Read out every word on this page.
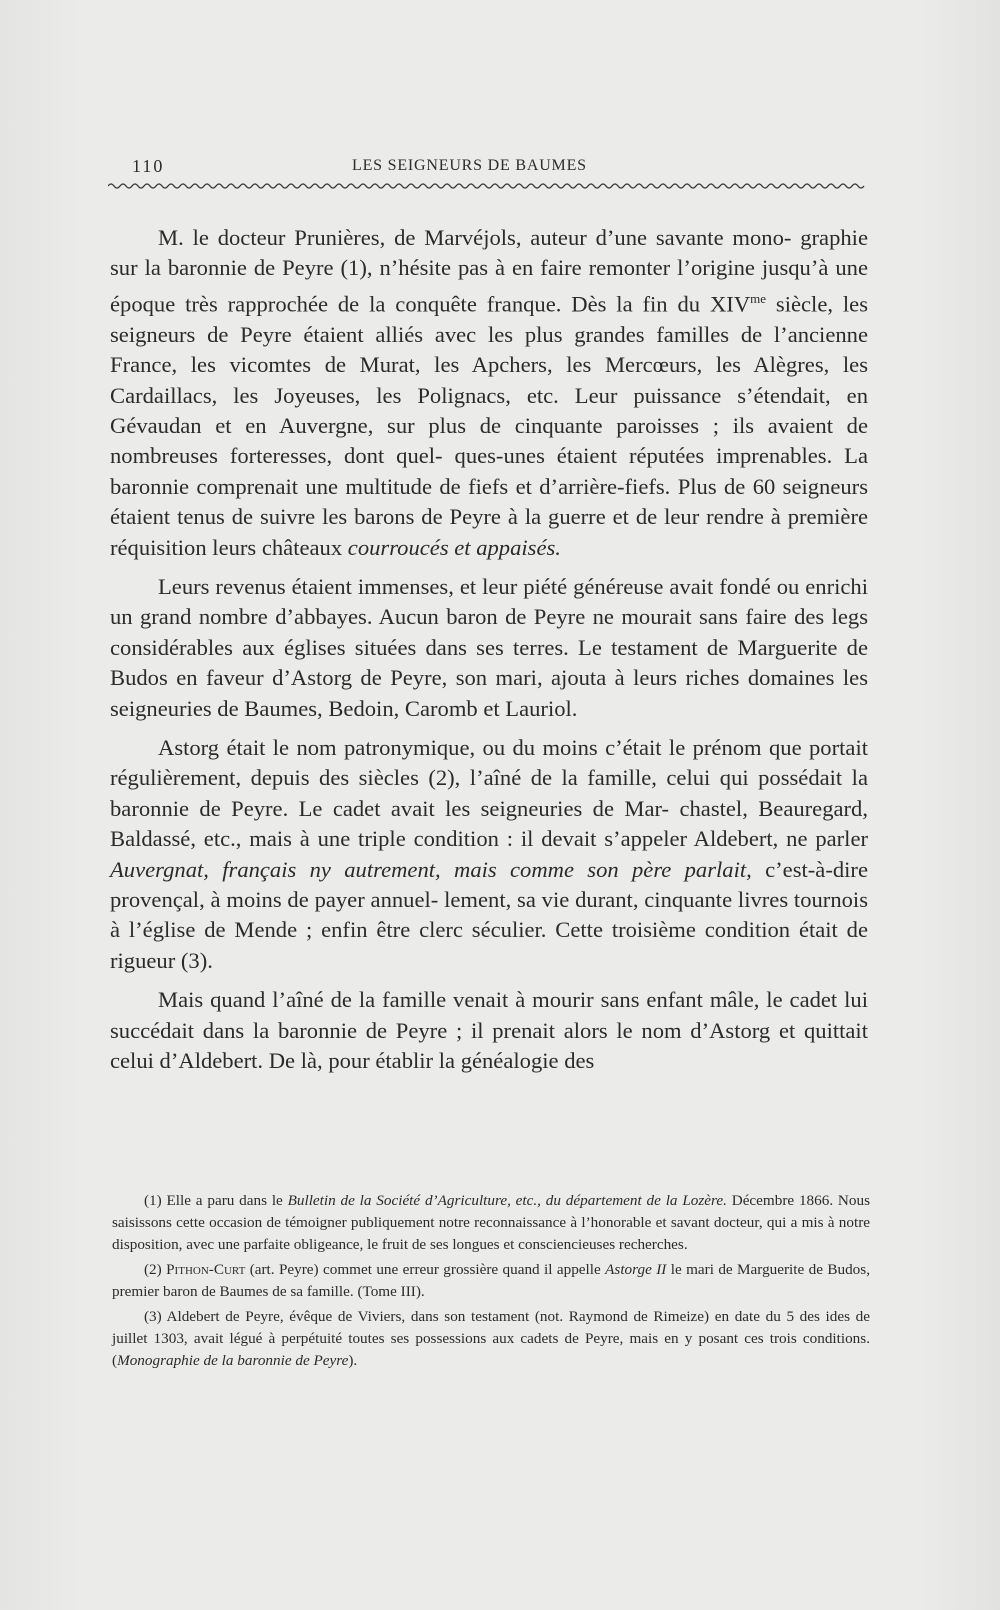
110	LES SEIGNEURS DE BAUMES

M. le docteur Prunières, de Marvéjols, auteur d’une savante mono- graphie sur la baronnie de Peyre (1), n’hésite pas à en faire remonter l’origine jusqu’à une époque très rapprochée de la conquête franque. Dès la fin du $XIV^{me}$ siècle, les seigneurs de Peyre étaient alliés avec les plus grandes familles de l’ancienne France, les vicomtes de Murat, les Apchers, les Mercœurs, les Alègres, les Cardaillacs, les Joyeuses, les Polignacs, etc. Leur puissance s’étendait, en Gévaudan et en Auvergne, sur plus de cinquante paroisses ; ils avaient de nombreuses forteresses, dont quel- ques-unes étaient réputées imprenables. La baronnie comprenait une multitude de fiefs et d’arrière-fiefs. Plus de 60 seigneurs étaient tenus de suivre les barons de Peyre à la guerre et de leur rendre à première réquisition leurs châteaux courroucés et appaisés.

Leurs revenus étaient immenses, et leur piété généreuse avait fondé ou enrichi un grand nombre d’abbayes. Aucun baron de Peyre ne mourait sans faire des legs considérables aux églises situées dans ses terres. Le testament de Marguerite de Budos en faveur d’Astorg de Peyre, son mari, ajouta à leurs riches domaines les seigneuries de Baumes, Bedoin, Caromb et Lauriol.

Astorg était le nom patronymique, ou du moins c’était le prénom que portait régulièrement, depuis des siècles (2), l’aîné de la famille, celui qui possédait la baronnie de Peyre. Le cadet avait les seigneuries de Mar- chastel, Beauregard, Baldassé, etc., mais à une triple condition : il devait s’appeler Aldebert, ne parler Auvergnat, français ny autrement, mais comme son père parlait, c’est-à-dire provençal, à moins de payer annuel- lement, sa vie durant, cinquante livres tournois à l’église de Mende ; enfin être clerc séculier. Cette troisième condition était de rigueur (3).

Mais quand l’aîné de la famille venait à mourir sans enfant mâle, le cadet lui succédait dans la baronnie de Peyre ; il prenait alors le nom d’Astorg et quittait celui d’Aldebert. De là, pour établir la généalogie des

(1) Elle a paru dans le Bulletin de la Société d’Agriculture, etc., du département de la Lozère. Décembre 1866. Nous saisissons cette occasion de témoigner publiquement notre reconnaissance à l’honorable et savant docteur, qui a mis à notre disposition, avec une parfaite obligeance, le fruit de ses longues et consciencieuses recherches.

(2) Pithon-Curt (art. Peyre) commet une erreur grossière quand il appelle Astorge II le mari de Marguerite de Budos, premier baron de Baumes de sa famille. (Tome III).

(3) Aldebert de Peyre, évêque de Viviers, dans son testament (not. Raymond de Rimeize) en date du 5 des ides de juillet 1303, avait légué à perpétuité toutes ses possessions aux cadets de Peyre, mais en y posant ces trois conditions. (Monographie de la baronnie de Peyre).
